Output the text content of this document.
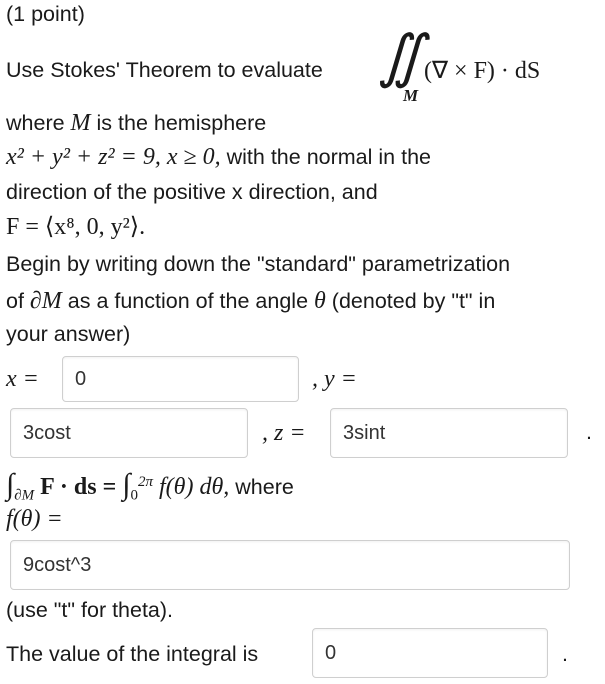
(1 point)
Use Stokes' Theorem to evaluate ∬
M
(∇ × F) · dS
where M is the hemisphere
x² + y² + z² = 9, x ≥ 0, with the normal in the
direction of the positive x direction, and
F = ⟨x⁸, 0, y²⟩.
Begin by writing down the "standard" parametrization
of ∂M as a function of the angle θ (denoted by "t" in
your answer)
x =	0	, y =
3cost	, z =	3sint	.
$\int_{\partial M}$ F · ds = $\int_0^{2\pi}$ f(θ) dθ, where
f(θ) =
9cost^3
(use "t" for theta).
The value of the integral is	0	.
